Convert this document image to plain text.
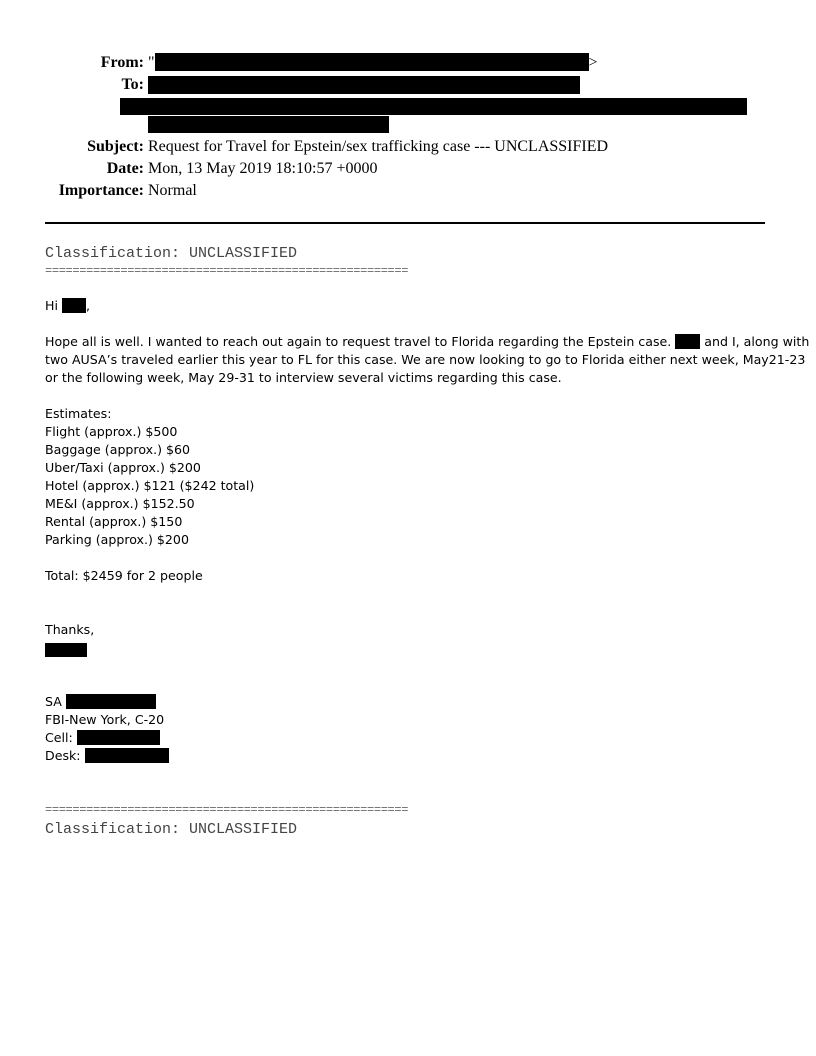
From: "	>
To:
Subject: Request for Travel for Epstein/sex trafficking case --- UNCLASSIFIED
Date: Mon, 13 May 2019 18:10:57 +0000
Importance: Normal
Classification: UNCLASSIFIED
=====================================================
Hi ,
Hope all is well. I wanted to reach out again to request travel to Florida regarding the Epstein case.  and I, along with
two AUSA’s traveled earlier this year to FL for this case. We are now looking to go to Florida either next week, May21-23
or the following week, May 29-31 to interview several victims regarding this case.
Estimates:
Flight (approx.) $500
Baggage (approx.) $60
Uber/Taxi (approx.) $200
Hotel (approx.) $121 ($242 total)
ME&I (approx.) $152.50
Rental (approx.) $150
Parking (approx.) $200
Total: $2459 for 2 people
Thanks,
SA
FBI-New York, C-20
Cell:
Desk:
=====================================================
Classification: UNCLASSIFIED
